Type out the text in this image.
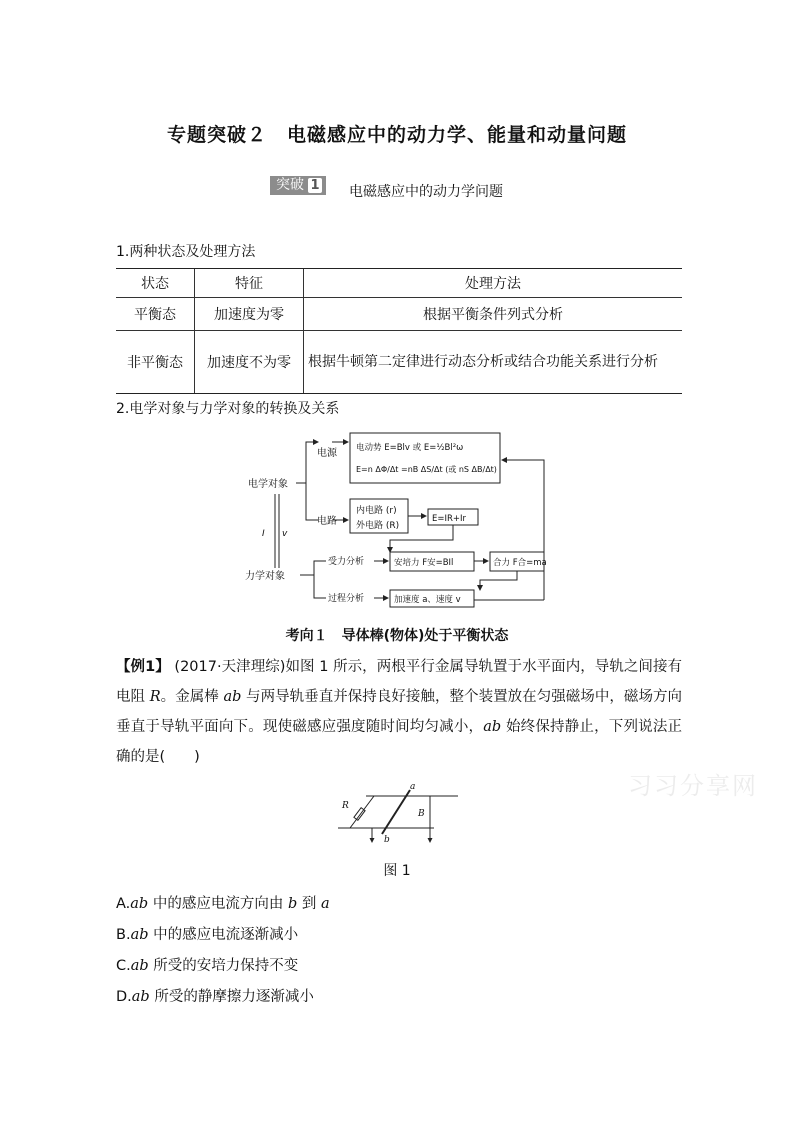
专题突破２　电磁感应中的动力学、能量和动量问题
突破 1 电磁感应中的动力学问题
1.两种状态及处理方法
状态	特征	处理方法
平衡态	加速度为零	根据平衡条件列式分析
非平衡态	加速度不为零	根据牛顿第二定律进行动态分析或结合功能关系进行分析
2.电学对象与力学对象的转换及关系
电学对象
力学对象
电源
电路
电动势 E=Blv 或 E=½Bl²ω
E=n ΔΦ/Δt =nB ΔS/Δt (或 nS ΔB/Δt)
内电路 (r)
外电路 (R)
E=IR+Ir
I v
受力分析
过程分析
安培力 F安=BIl	合力 F合=ma
加速度 a、速度 v
考向１　导体棒(物体)处于平衡状态
【例1】 (2017·天津理综)如图 1 所示，两根平行金属导轨置于水平面内，导轨之间接有电阻 R。金属棒 ab 与两导轨垂直并保持良好接触，整个装置放在匀强磁场中，磁场方向垂直于导轨平面向下。现使磁感应强度随时间均匀减小，ab 始终保持静止，下列说法正确的是(　　)
R
a
b
B
图 1
A.ab 中的感应电流方向由 b 到 a
B.ab 中的感应电流逐渐减小
C.ab 所受的安培力保持不变
D.ab 所受的静摩擦力逐渐减小
习习分享网
